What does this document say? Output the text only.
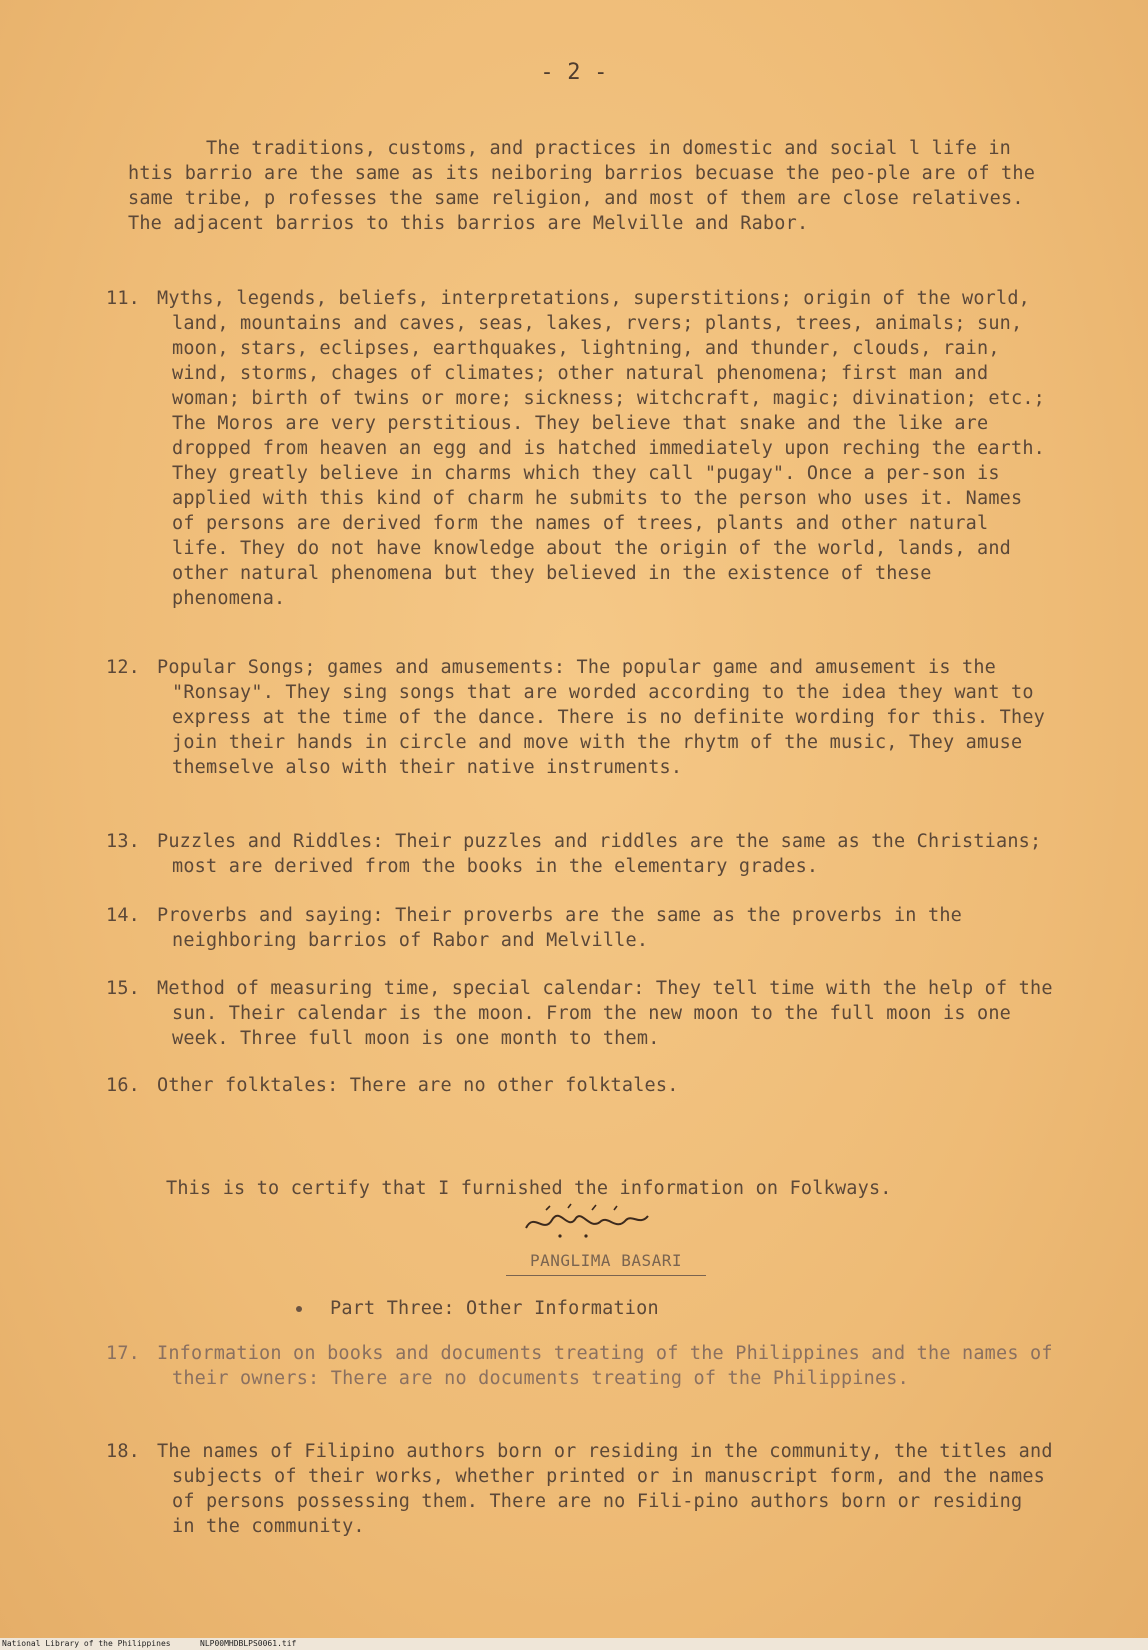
- 2 -

The traditions, customs, and practices in domestic and social l life in htis barrio are the same as its neiboring barrios becuase the peo-ple are of the same tribe, p rofesses the same religion, and most of them are close relatives. The adjacent barrios to this barrios are Melville and Rabor.

11. Myths, legends, beliefs, interpretations, superstitions; origin of the world, land, mountains and caves, seas, lakes, rvers; plants, trees, animals; sun, moon, stars, eclipses, earthquakes, lightning, and thunder, clouds, rain, wind, storms, chages of climates; other natural phenomena; first man and woman; birth of twins or more; sickness; witchcraft, magic; divination; etc.; The Moros are very perstitious. They believe that snake and the like are dropped from heaven an egg and is hatched immediately upon reching the earth. They greatly believe in charms which they call "pugay". Once a per-son is applied with this kind of charm he submits to the person who uses it. Names of persons are derived form the names of trees, plants and other natural life. They do not have knowledge about the origin of the world, lands, and other natural phenomena but they believed in the existence of these phenomena.
12. Popular Songs; games and amusements: The popular game and amusement is the "Ronsay". They sing songs that are worded according to the idea they want to express at the time of the dance. There is no definite wording for this. They join their hands in circle and move with the rhytm of the music, They amuse themselve also with their native instruments.
13. Puzzles and Riddles: Their puzzles and riddles are the same as the Christians; most are derived from the books in the elementary grades.
14. Proverbs and saying: Their proverbs are the same as the proverbs in the neighboring barrios of Rabor and Melville.
15. Method of measuring time, special calendar: They tell time with the help of the sun. Their calendar is the moon. From the new moon to the full moon is one week. Three full moon is one month to them.
16. Other folktales: There are no other folktales.
This is to certify that I furnished the information on Folkways.
PANGLIMA BASARI
Part Three: Other Information
17. Information on books and documents treating of the Philippines and the names of their owners: There are no documents treating of the Philippines.
18. The names of Filipino authors born or residing in the community, the titles and subjects of their works, whether printed or in manuscript form, and the names of persons possessing them. There are no Fili-pino authors born or residing in the community.
National Library of the Philippines	NLP00MHDBLPS0061.tif
